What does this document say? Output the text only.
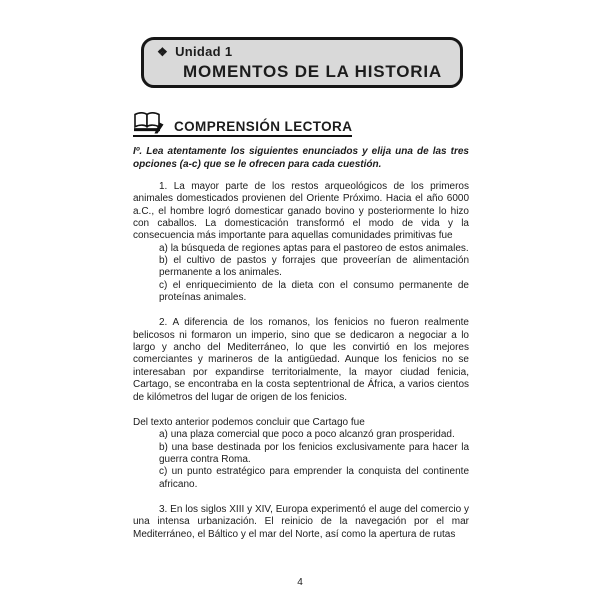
❖ Unidad 1
MOMENTOS DE LA HISTORIA
COMPRENSIÓN LECTORA

Iº. Lea atentamente los siguientes enunciados y elija una de las tres opciones (a-c) que se le ofrecen para cada cuestión.

1. La mayor parte de los restos arqueológicos de los primeros animales domesticados provienen del Oriente Próximo. Hacia el año 6000 a.C., el hombre logró domesticar ganado bovino y posteriormente lo hizo con caballos. La domesticación transformó el modo de vida y la consecuencia más importante para aquellas comunidades primitivas fue

a) la búsqueda de regiones aptas para el pastoreo de estos animales.

b) el cultivo de pastos y forrajes que proveerían de alimentación permanente a los animales.

c) el enriquecimiento de la dieta con el consumo permanente de proteínas animales.

2. A diferencia de los romanos, los fenicios no fueron realmente belicosos ni formaron un imperio, sino que se dedicaron a negociar a lo largo y ancho del Mediterráneo, lo que les convirtió en los mejores comerciantes y marineros de la antigüedad. Aunque los fenicios no se interesaban por expandirse territorialmente, la mayor ciudad fenicia, Cartago, se encontraba en la costa septentrional de África, a varios cientos de kilómetros del lugar de origen de los fenicios.

Del texto anterior podemos concluir que Cartago fue

a) una plaza comercial que poco a poco alcanzó gran prosperidad.

b) una base destinada por los fenicios exclusivamente para hacer la guerra contra Roma.

c) un punto estratégico para emprender la conquista del continente africano.

3. En los siglos XIII y XIV, Europa experimentó el auge del comercio y una intensa urbanización. El reinicio de la navegación por el mar Mediterráneo, el Báltico y el mar del Norte, así como la apertura de rutas

4
